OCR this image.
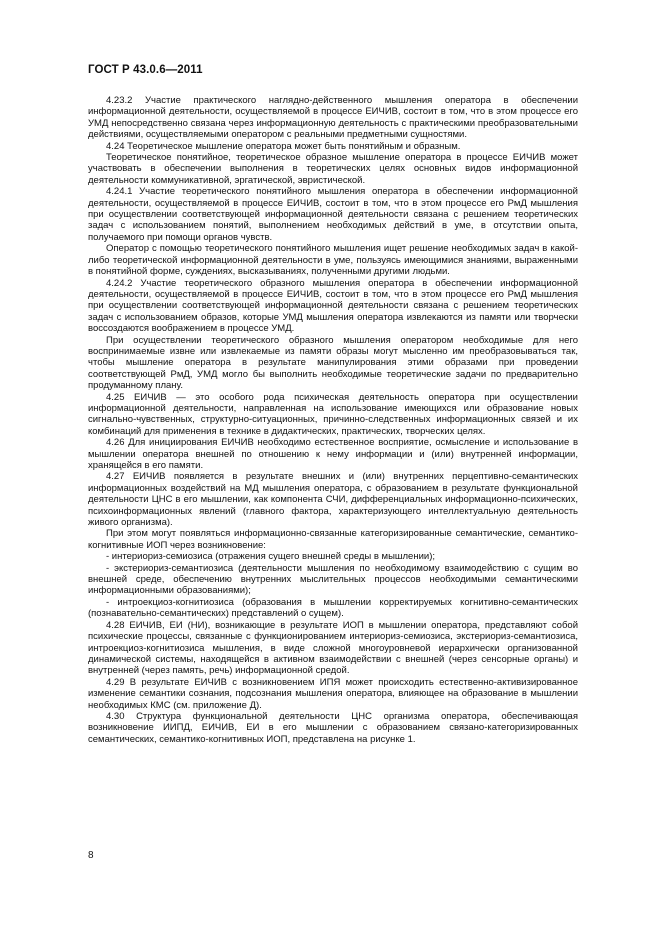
ГОСТ Р 43.0.6—2011

4.23.2 Участие практического наглядно-действенного мышления оператора в обеспечении информационной деятельности, осуществляемой в процессе ЕИЧИВ, состоит в том, что в этом процессе его УМД непосредственно связана через информационную деятельность с практическими преобразовательными действиями, осуществляемыми оператором с реальными предметными сущностями.

4.24 Теоретическое мышление оператора может быть понятийным и образным.

Теоретическое понятийное, теоретическое образное мышление оператора в процессе ЕИЧИВ может участвовать в обеспечении выполнения в теоретических целях основных видов информационной деятельности коммуникативной, эргатической, эвристической.

4.24.1 Участие теоретического понятийного мышления оператора в обеспечении информационной деятельности, осуществляемой в процессе ЕИЧИВ, состоит в том, что в этом процессе его РмД мышления при осуществлении соответствующей информационной деятельности связана с решением теоретических задач с использованием понятий, выполнением необходимых действий в уме, в отсутствии опыта, получаемого при помощи органов чувств.

Оператор с помощью теоретического понятийного мышления ищет решение необходимых задач в какой-либо теоретической информационной деятельности в уме, пользуясь имеющимися знаниями, выраженными в понятийной форме, суждениях, высказываниях, полученными другими людьми.

4.24.2 Участие теоретического образного мышления оператора в обеспечении информационной деятельности, осуществляемой в процессе ЕИЧИВ, состоит в том, что в этом процессе его РмД мышления при осуществлении соответствующей информационной деятельности связана с решением теоретических задач с использованием образов, которые УМД мышления оператора извлекаются из памяти или творчески воссоздаются воображением в процессе УМД.

При осуществлении теоретического образного мышления оператором необходимые для него воспринимаемые извне или извлекаемые из памяти образы могут мысленно им преобразовываться так, чтобы мышление оператора в результате манипулирования этими образами при проведении соответствующей РмД, УМД могло бы выполнить необходимые теоретические задачи по предварительно продуманному плану.

4.25 ЕИЧИВ — это особого рода психическая деятельность оператора при осуществлении информационной деятельности, направленная на использование имеющихся или образование новых сигнально-чувственных, структурно-ситуационных, причинно-следственных информационных связей и их комбинаций для применения в технике в дидактических, практических, творческих целях.

4.26 Для инициирования ЕИЧИВ необходимо естественное восприятие, осмысление и использование в мышлении оператора внешней по отношению к нему информации и (или) внутренней информации, хранящейся в его памяти.

4.27 ЕИЧИВ появляется в результате внешних и (или) внутренних перцептивно-семантических информационных воздействий на МД мышления оператора, с образованием в результате функциональной деятельности ЦНС в его мышлении, как компонента СЧИ, дифференциальных информационно-психических, психоинформационных явлений (главного фактора, характеризующего интеллектуальную деятельность живого организма).

При этом могут появляться информационно-связанные категоризированные семантические, семантико-когнитивные ИОП через возникновение:

- интериориз-семиозиса (отражения сущего внешней среды в мышлении);

- экстериориз-семантиозиса (деятельности мышления по необходимому взаимодействию с сущим во внешней среде, обеспечению внутренних мыслительных процессов необходимыми семантическими информационными образованиями);

- интроекциоз-когнитиозиса (образования в мышлении корректируемых когнитивно-семантических (познавательно-семантических) представлений о сущем).

4.28 ЕИЧИВ, ЕИ (НИ), возникающие в результате ИОП в мышлении оператора, представляют собой психические процессы, связанные с функционированием интериориз-семиозиса, экстериориз-семантиозиса, интроекциоз-когнитиозиса мышления, в виде сложной многоуровневой иерархически организованной динамической системы, находящейся в активном взаимодействии с внешней (через сенсорные органы) и внутренней (через память, речь) информационной средой.

4.29 В результате ЕИЧИВ с возникновением ИПЯ может происходить естественно-активизированное изменение семантики сознания, подсознания мышления оператора, влияющее на образование в мышлении необходимых КМС (см. приложение Д).

4.30 Структура функциональной деятельности ЦНС организма оператора, обеспечивающая возникновение ИИПД, ЕИЧИВ, ЕИ в его мышлении с образованием связано-категоризированных семантических, семантико-когнитивных ИОП, представлена на рисунке 1.

8
